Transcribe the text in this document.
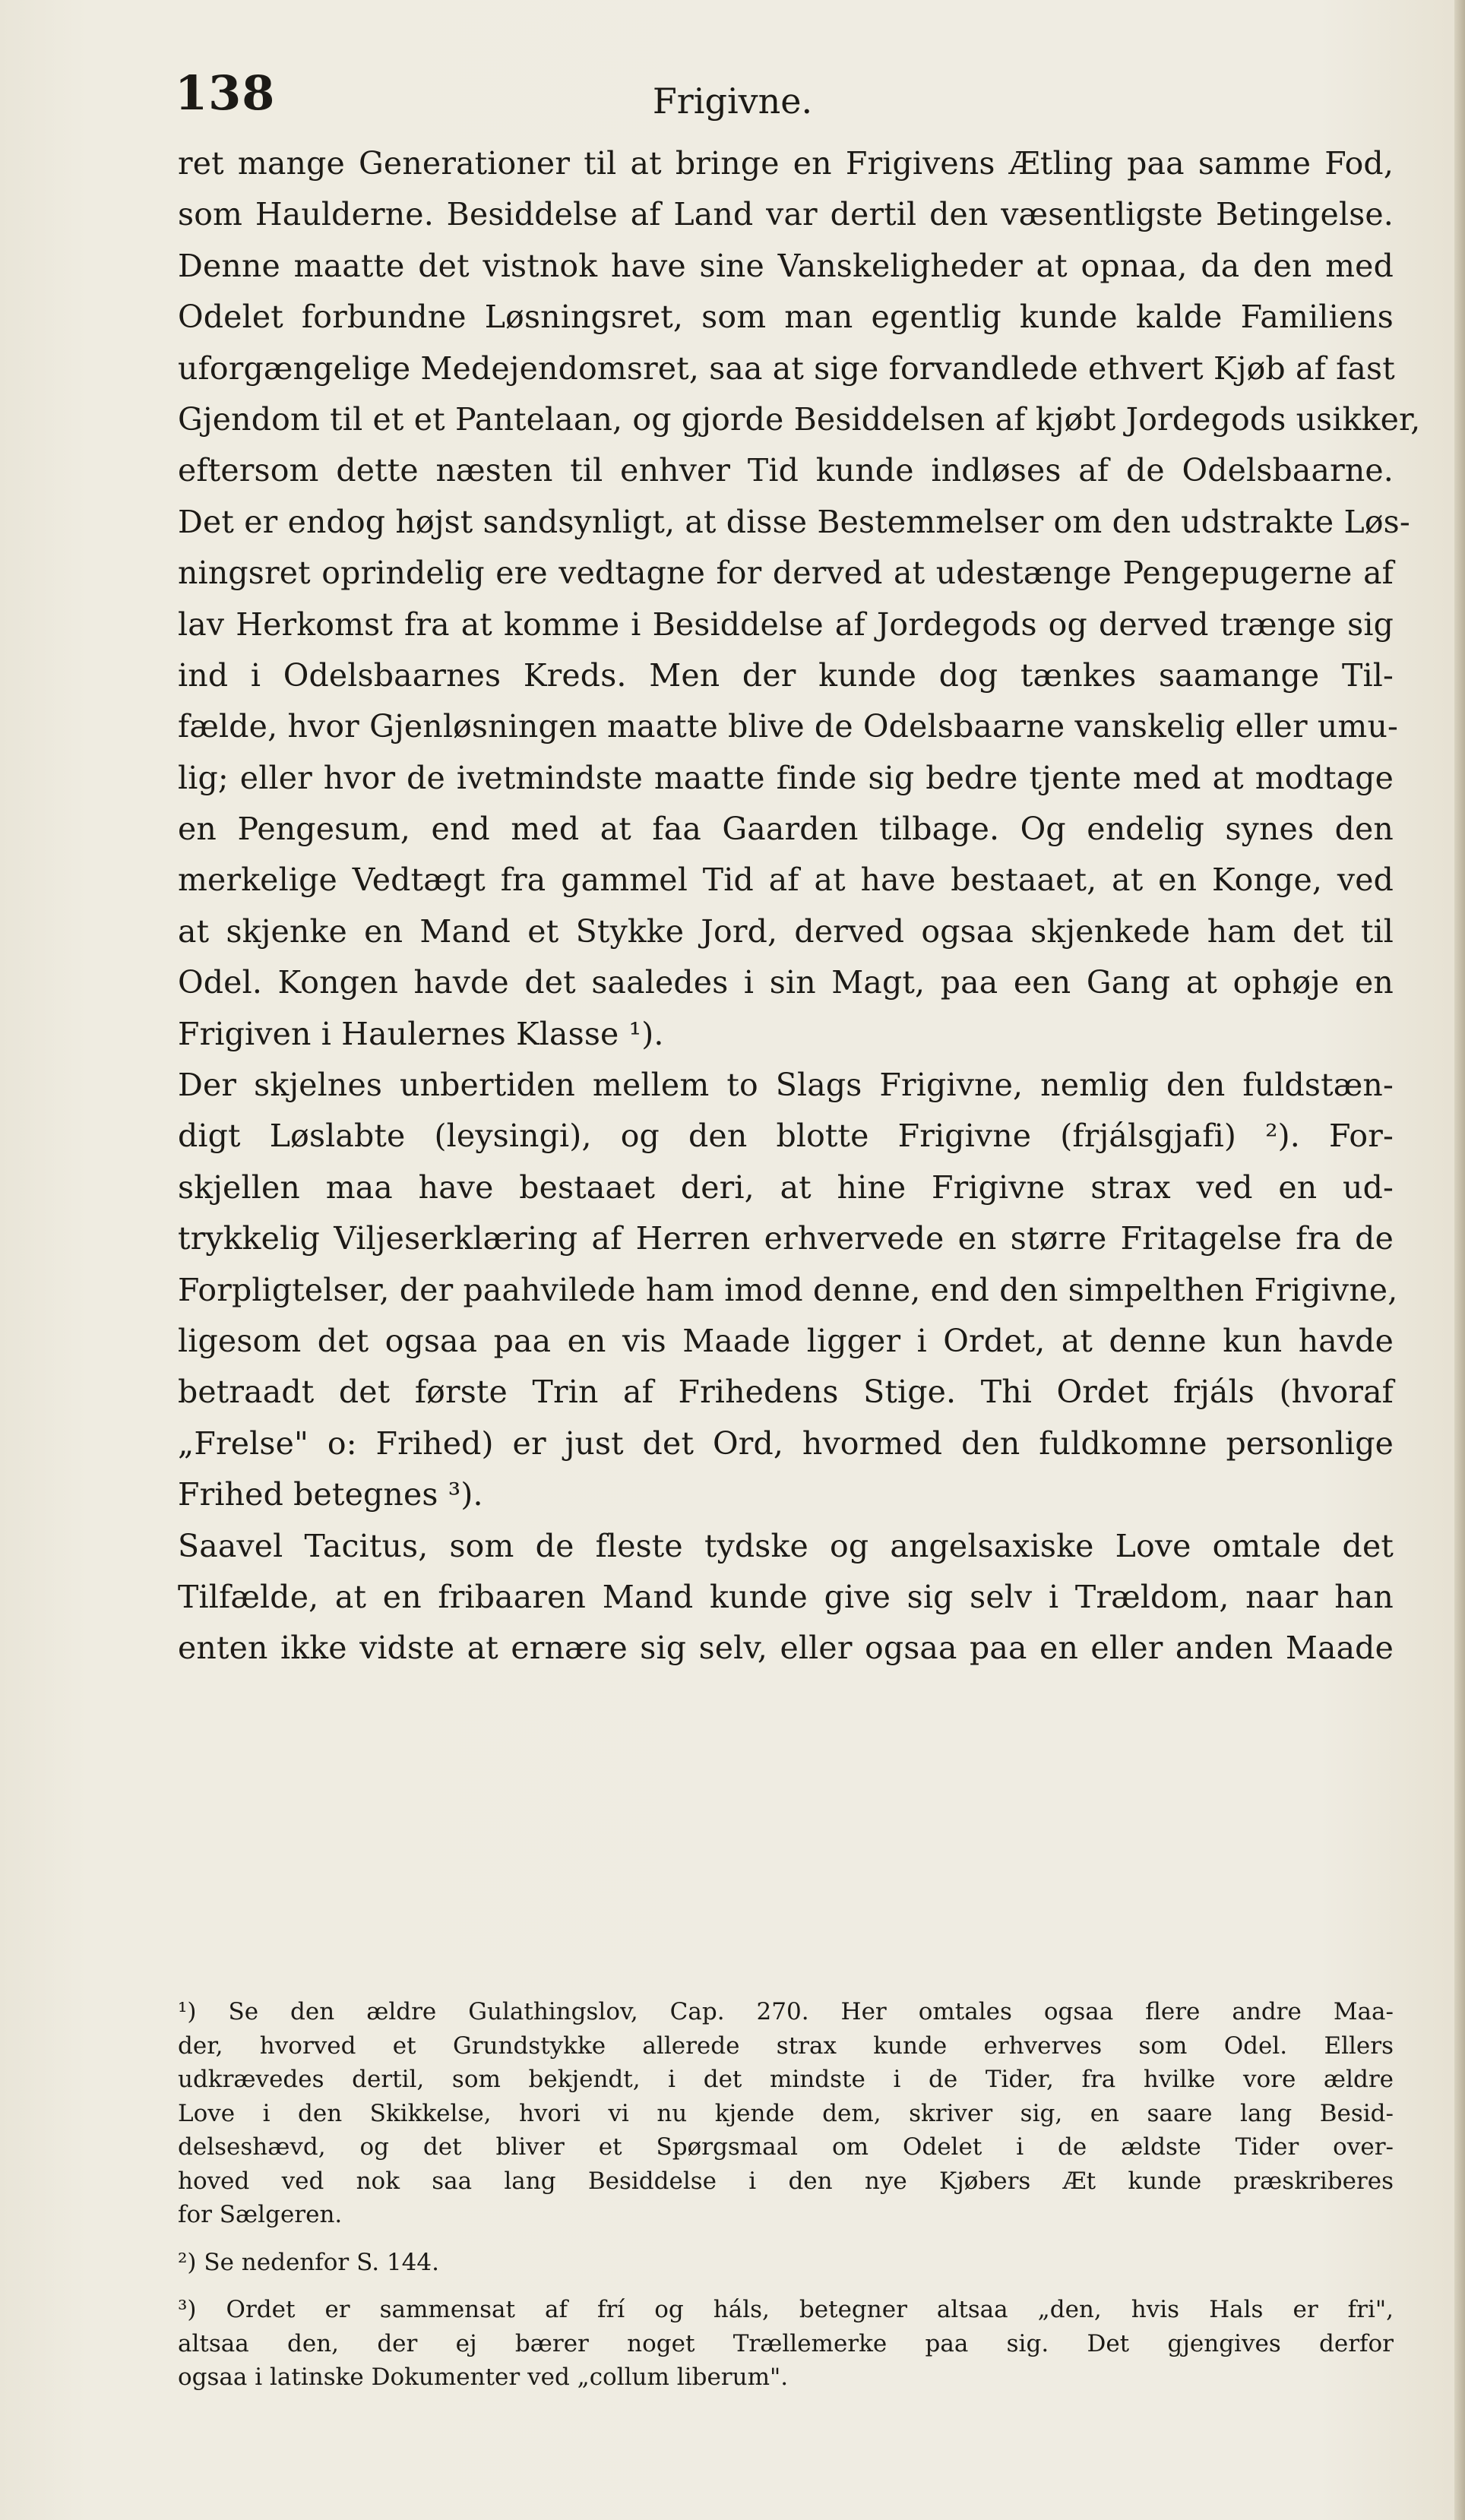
138	Frigivne.
ret mange Generationer til at bringe en Frigivens Ætling paa samme Fod,
som Haulderne. Besiddelse af Land var dertil den væsentligste Betingelse.
Denne maatte det vistnok have sine Vanskeligheder at opnaa, da den med
Odelet forbundne Løsningsret, som man egentlig kunde kalde Familiens
uforgængelige Medejendomsret, saa at sige forvandlede ethvert Kjøb af fast
Gjendom til et et Pantelaan, og gjorde Besiddelsen af kjøbt Jordegods usikker,
eftersom dette næsten til enhver Tid kunde indløses af de Odelsbaarne.
Det er endog højst sandsynligt, at disse Bestemmelser om den udstrakte Løs-
ningsret oprindelig ere vedtagne for derved at udestænge Pengepugerne af
lav Herkomst fra at komme i Besiddelse af Jordegods og derved trænge sig
ind i Odelsbaarnes Kreds. Men der kunde dog tænkes saamange Til-
fælde, hvor Gjenløsningen maatte blive de Odelsbaarne vanskelig eller umu-
lig; eller hvor de ivetmindste maatte finde sig bedre tjente med at modtage
en Pengesum, end med at faa Gaarden tilbage. Og endelig synes den
merkelige Vedtægt fra gammel Tid af at have bestaaet, at en Konge, ved
at skjenke en Mand et Stykke Jord, derved ogsaa skjenkede ham det til
Odel. Kongen havde det saaledes i sin Magt, paa een Gang at ophøje en
Frigiven i Haulernes Klasse ¹).
Der skjelnes unbertiden mellem to Slags Frigivne, nemlig den fuldstæn-
digt Løslabte (leysingi), og den blotte Frigivne (frjálsgjafi) ²). For-
skjellen maa have bestaaet deri, at hine Frigivne strax ved en ud-
trykkelig Viljeserklæring af Herren erhvervede en større Fritagelse fra de
Forpligtelser, der paahvilede ham imod denne, end den simpelthen Frigivne,
ligesom det ogsaa paa en vis Maade ligger i Ordet, at denne kun havde
betraadt det første Trin af Frihedens Stige. Thi Ordet frjáls (hvoraf
„Frelse" o: Frihed) er just det Ord, hvormed den fuldkomne personlige
Frihed betegnes ³).
Saavel Tacitus, som de fleste tydske og angelsaxiske Love omtale det
Tilfælde, at en fribaaren Mand kunde give sig selv i Trældom, naar han
enten ikke vidste at ernære sig selv, eller ogsaa paa en eller anden Maade
¹) Se den ældre Gulathingslov, Cap. 270. Her omtales ogsaa flere andre Maa-
der, hvorved et Grundstykke allerede strax kunde erhverves som Odel. Ellers
udkrævedes dertil, som bekjendt, i det mindste i de Tider, fra hvilke vore ældre
Love i den Skikkelse, hvori vi nu kjende dem, skriver sig, en saare lang Besid-
delseshævd, og det bliver et Spørgsmaal om Odelet i de ældste Tider over-
hoved ved nok saa lang Besiddelse i den nye Kjøbers Æt kunde præskriberes
for Sælgeren.
²) Se nedenfor S. 144.
³) Ordet er sammensat af frí og háls, betegner altsaa „den, hvis Hals er fri",
altsaa den, der ej bærer noget Trællemerke paa sig. Det gjengives derfor
ogsaa i latinske Dokumenter ved „collum liberum".
